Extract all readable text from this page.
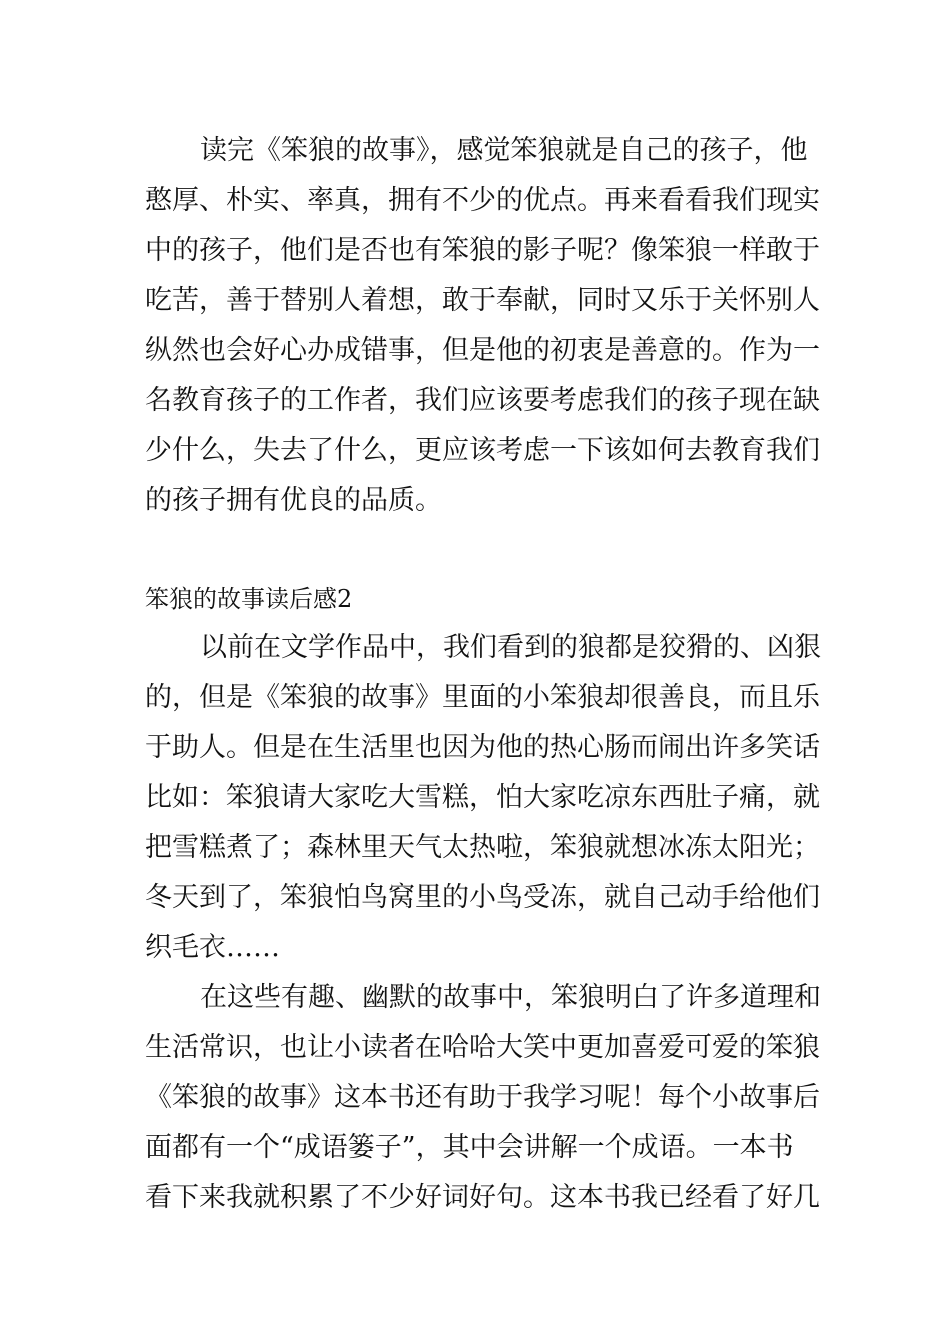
读完《笨狼的故事》，感觉笨狼就是自己的孩子，他
憨厚、朴实、率真，拥有不少的优点。再来看看我们现实
中的孩子，他们是否也有笨狼的影子呢？像笨狼一样敢于
吃苦，善于替别人着想，敢于奉献，同时又乐于关怀别人
纵然也会好心办成错事，但是他的初衷是善意的。作为一
名教育孩子的工作者，我们应该要考虑我们的孩子现在缺
少什么，失去了什么，更应该考虑一下该如何去教育我们
的孩子拥有优良的品质。
笨狼的故事读后感2
以前在文学作品中，我们看到的狼都是狡猾的、凶狠
的，但是《笨狼的故事》里面的小笨狼却很善良，而且乐
于助人。但是在生活里也因为他的热心肠而闹出许多笑话
比如：笨狼请大家吃大雪糕，怕大家吃凉东西肚子痛，就
把雪糕煮了；森林里天气太热啦，笨狼就想冰冻太阳光；
冬天到了，笨狼怕鸟窝里的小鸟受冻，就自己动手给他们
织毛衣……
在这些有趣、幽默的故事中，笨狼明白了许多道理和
生活常识，也让小读者在哈哈大笑中更加喜爱可爱的笨狼
《笨狼的故事》这本书还有助于我学习呢！每个小故事后
面都有一个“成语篓子”，其中会讲解一个成语。一本书
看下来我就积累了不少好词好句。这本书我已经看了好几
